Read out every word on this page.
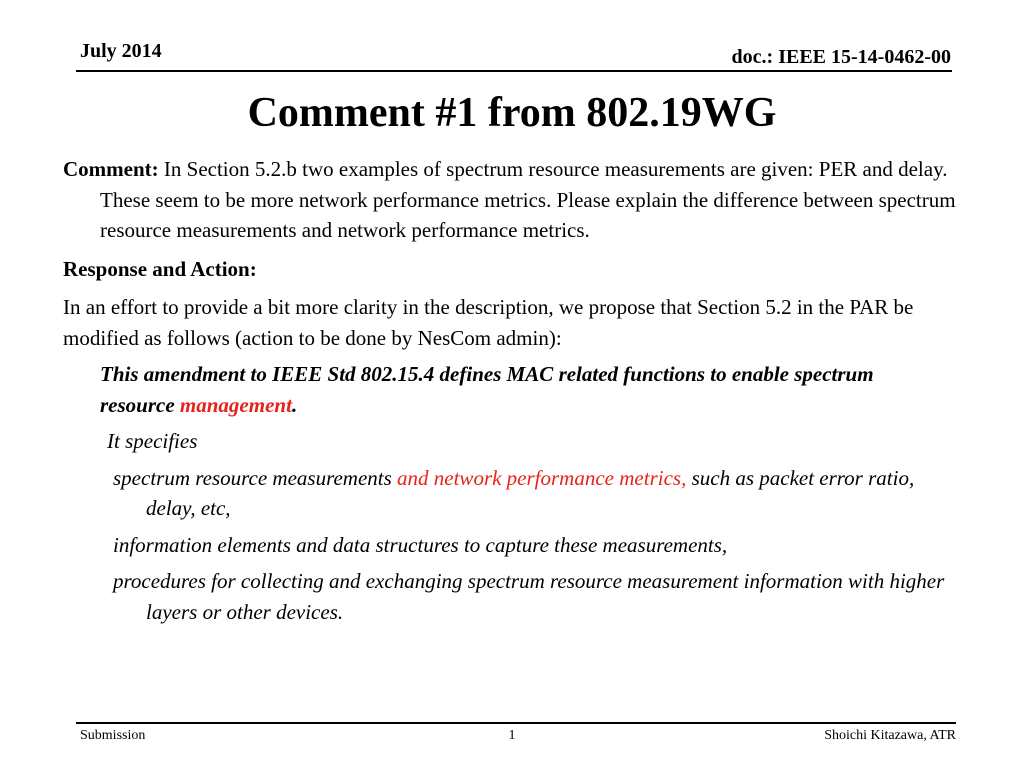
July 2014	doc.: IEEE 15-14-0462-00
Comment #1 from 802.19WG

Comment: In Section 5.2.b two examples of spectrum resource measurements are given: PER and delay. These seem to be more network performance metrics. Please explain the difference between spectrum resource measurements and network performance metrics.

Response and Action:

In an effort to provide a bit more clarity in the description, we propose that Section 5.2 in the PAR be modified as follows (action to be done by NesCom admin):

This amendment to IEEE Std 802.15.4 defines MAC related functions to enable spectrum resource management.

It specifies

spectrum resource measurements and network performance metrics, such as packet error ratio, delay, etc,

information elements and data structures to capture these measurements,

procedures for collecting and exchanging spectrum resource measurement information with higher layers or other devices.

Submission	1	Shoichi Kitazawa, ATR
